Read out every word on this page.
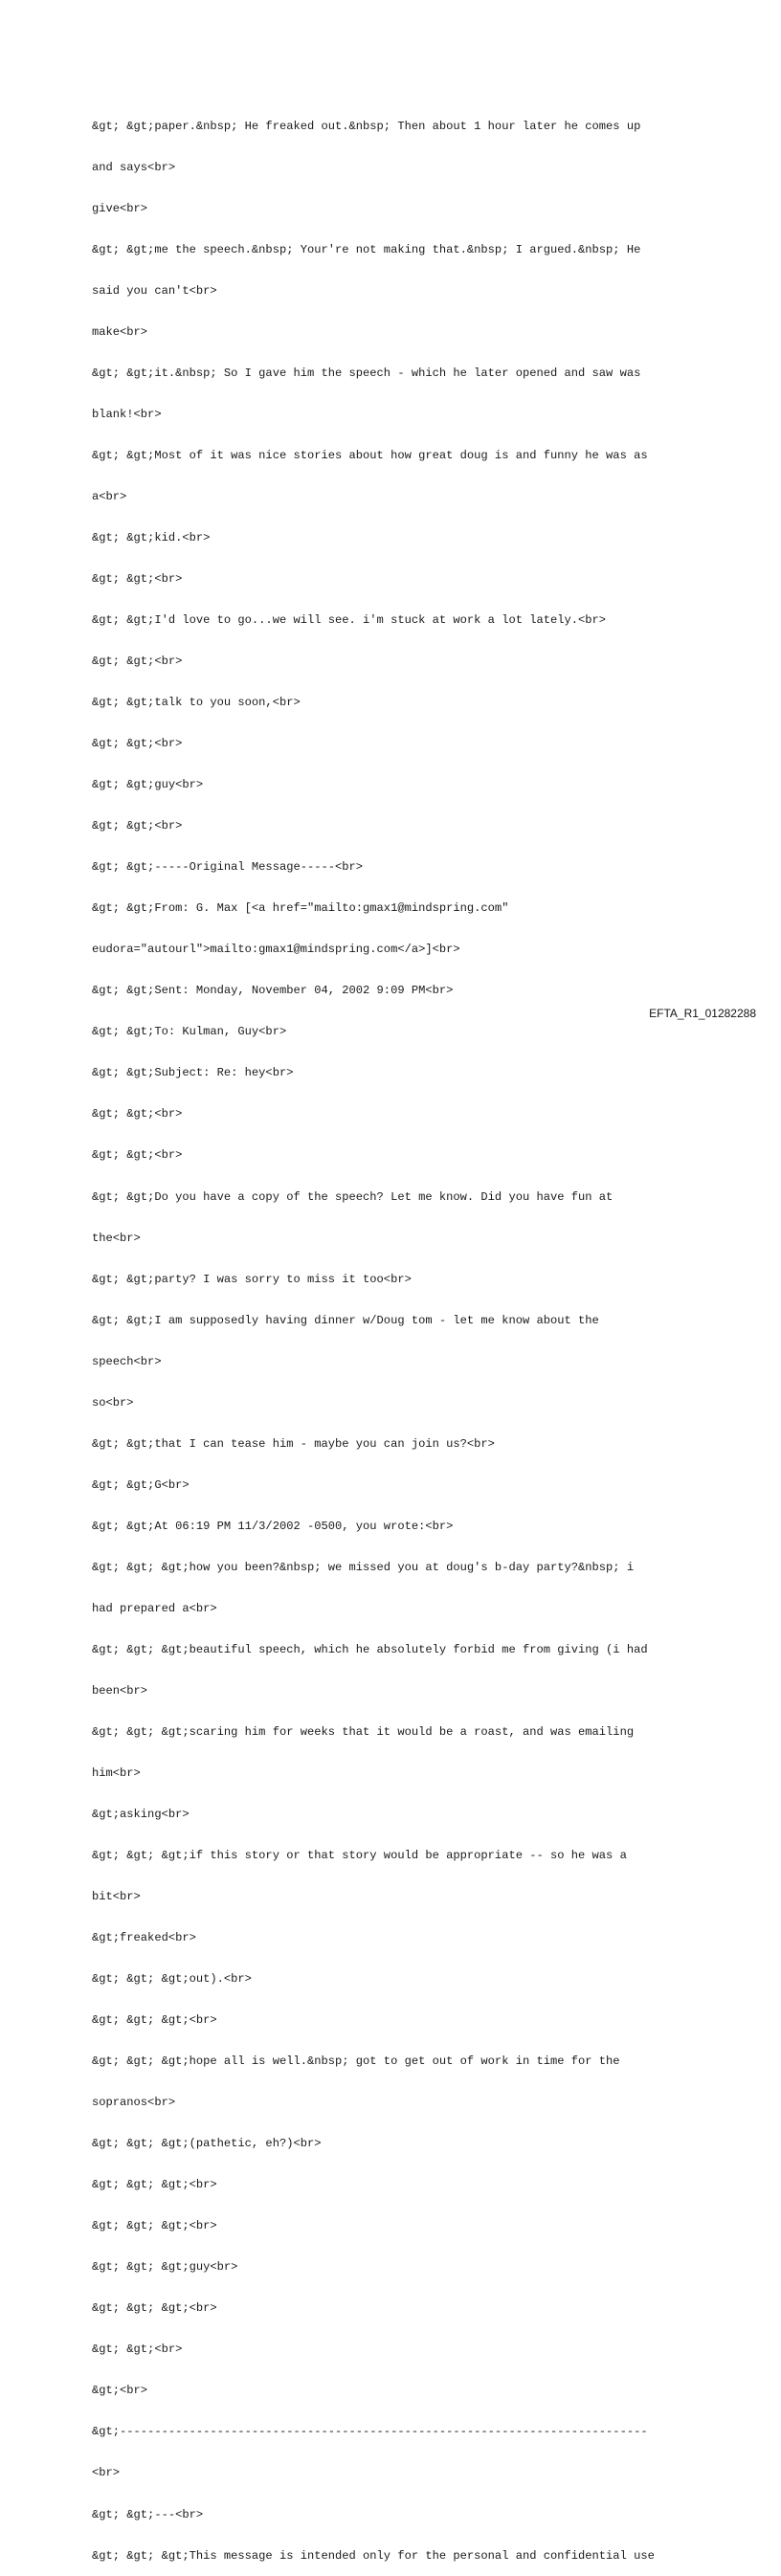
&gt; &gt;paper.&nbsp; He freaked out.&nbsp; Then about 1 hour later he comes up

and says<br>

give<br>

&gt; &gt;me the speech.&nbsp; Your're not making that.&nbsp; I argued.&nbsp; He

said you can't<br>

make<br>

&gt; &gt;it.&nbsp; So I gave him the speech - which he later opened and saw was

blank!<br>

&gt; &gt;Most of it was nice stories about how great doug is and funny he was as

a<br>

&gt; &gt;kid.<br>

&gt; &gt;<br>

&gt; &gt;I'd love to go...we will see. i'm stuck at work a lot lately.<br>

&gt; &gt;<br>

&gt; &gt;talk to you soon,<br>

&gt; &gt;<br>

&gt; &gt;guy<br>

&gt; &gt;<br>

&gt; &gt;-----Original Message-----<br>

&gt; &gt;From: G. Max [<a href="mailto:gmax1@mindspring.com"

eudora="autourl">mailto:gmax1@mindspring.com</a>]<br>

&gt; &gt;Sent: Monday, November 04, 2002 9:09 PM<br>

&gt; &gt;To: Kulman, Guy<br>

&gt; &gt;Subject: Re: hey<br>

&gt; &gt;<br>

&gt; &gt;<br>

&gt; &gt;Do you have a copy of the speech? Let me know. Did you have fun at

the<br>

&gt; &gt;party? I was sorry to miss it too<br>

&gt; &gt;I am supposedly having dinner w/Doug tom - let me know about the

speech<br>

so<br>

&gt; &gt;that I can tease him - maybe you can join us?<br>

&gt; &gt;G<br>

&gt; &gt;At 06:19 PM 11/3/2002 -0500, you wrote:<br>

&gt; &gt; &gt;how you been?&nbsp; we missed you at doug's b-day party?&nbsp; i

had prepared a<br>

&gt; &gt; &gt;beautiful speech, which he absolutely forbid me from giving (i had

been<br>

&gt; &gt; &gt;scaring him for weeks that it would be a roast, and was emailing

him<br>

&gt;asking<br>

&gt; &gt; &gt;if this story or that story would be appropriate -- so he was a

bit<br>

&gt;freaked<br>

&gt; &gt; &gt;out).<br>

&gt; &gt; &gt;<br>

&gt; &gt; &gt;hope all is well.&nbsp; got to get out of work in time for the

sopranos<br>

&gt; &gt; &gt;(pathetic, eh?)<br>

&gt; &gt; &gt;<br>

&gt; &gt; &gt;<br>

&gt; &gt; &gt;guy<br>

&gt; &gt; &gt;<br>

&gt; &gt;<br>

&gt;<br>

&gt;----------------------------------------------------------------------------

<br>

&gt; &gt;---<br>

&gt; &gt; &gt;This message is intended only for the personal and confidential use

EFTA_R1_01282288
